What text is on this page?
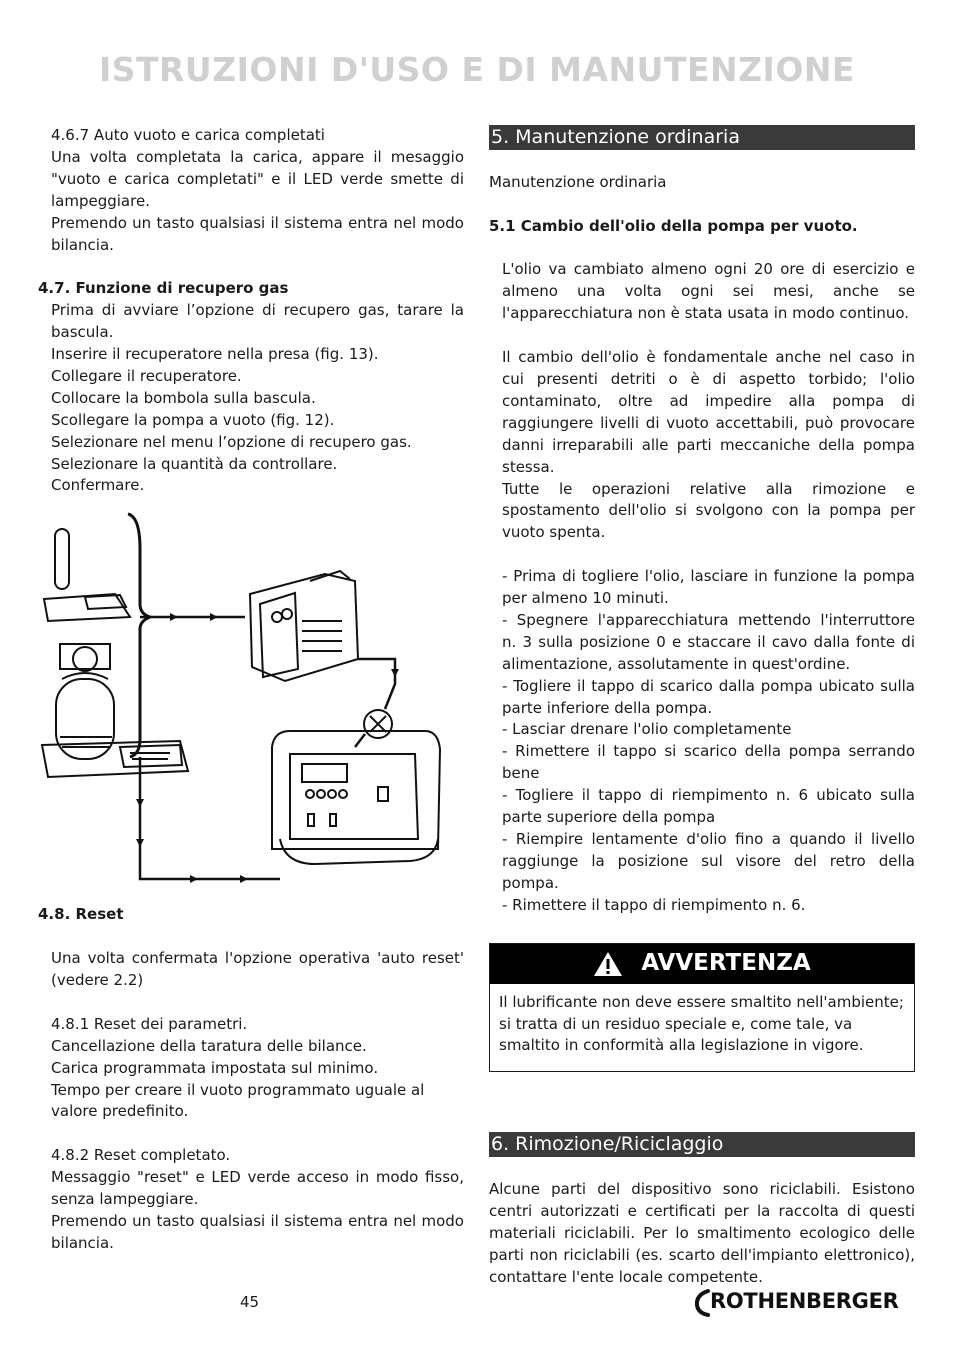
ISTRUZIONI D'USO E DI MANUTENZIONE

4.6.7 Auto vuoto e carica completati

Una volta completata la carica, appare il mesaggio "vuoto e carica completati" e il LED verde smette di lampeggiare.

Premendo un tasto qualsiasi il sistema entra nel modo bilancia.

4.7. Funzione di recupero gas

Prima di avviare l’opzione di recupero gas, tarare la bascula.

Inserire il recuperatore nella presa (fig. 13).

Collegare il recuperatore.

Collocare la bombola sulla bascula.

Scollegare la pompa a vuoto (fig. 12).

Selezionare nel menu l’opzione di recupero gas.

Selezionare la quantità da controllare.

Confermare.

4.8. Reset

Una volta confermata l'opzione operativa 'auto reset' (vedere 2.2)

4.8.1 Reset dei parametri.

Cancellazione della taratura delle bilance.

Carica programmata impostata sul minimo.

Tempo per creare il vuoto programmato uguale al valore predefinito.

4.8.2 Reset completato.

Messaggio "reset" e LED verde acceso in modo fisso, senza lampeggiare.

Premendo un tasto qualsiasi il sistema entra nel modo bilancia.

5. Manutenzione ordinaria

Manutenzione ordinaria

5.1 Cambio dell'olio della pompa per vuoto.

L'olio va cambiato almeno ogni 20 ore di esercizio e almeno una volta ogni sei mesi, anche se l'apparecchiatura non è stata usata in modo continuo.

Il cambio dell'olio è fondamentale anche nel caso in cui presenti detriti o è di aspetto torbido; l'olio contaminato, oltre ad impedire alla pompa di raggiungere livelli di vuoto accettabili, può provocare danni irreparabili alle parti meccaniche della pompa stessa.

Tutte le operazioni relative alla rimozione e spostamento dell'olio si svolgono con la pompa per vuoto spenta.

- Prima di togliere l'olio, lasciare in funzione la pompa per almeno 10 minuti.

- Spegnere l'apparecchiatura mettendo l'interruttore n. 3 sulla posizione 0 e staccare il cavo dalla fonte di alimentazione, assolutamente in quest'ordine.

- Togliere il tappo di scarico dalla pompa ubicato sulla parte inferiore della pompa.

- Lasciar drenare l'olio completamente

- Rimettere il tappo si scarico della pompa serrando bene

- Togliere il tappo di riempimento n. 6 ubicato sulla parte superiore della pompa

- Riempire lentamente d'olio fino a quando il livello raggiunge la posizione sul visore del retro della pompa.

- Rimettere il tappo di riempimento n. 6.

AVVERTENZA
Il lubrificante non deve essere smaltito nell'ambiente; si tratta di un residuo speciale e, come tale, va smaltito in conformità alla legislazione in vigore.
6. Rimozione/Riciclaggio

Alcune parti del dispositivo sono riciclabili. Esistono centri autorizzati e certificati per la raccolta di questi materiali riciclabili. Per lo smaltimento ecologico delle parti non riciclabili (es. scarto dell'impianto elettronico), contattare l'ente locale competente.

45	ROTHENBERGER
